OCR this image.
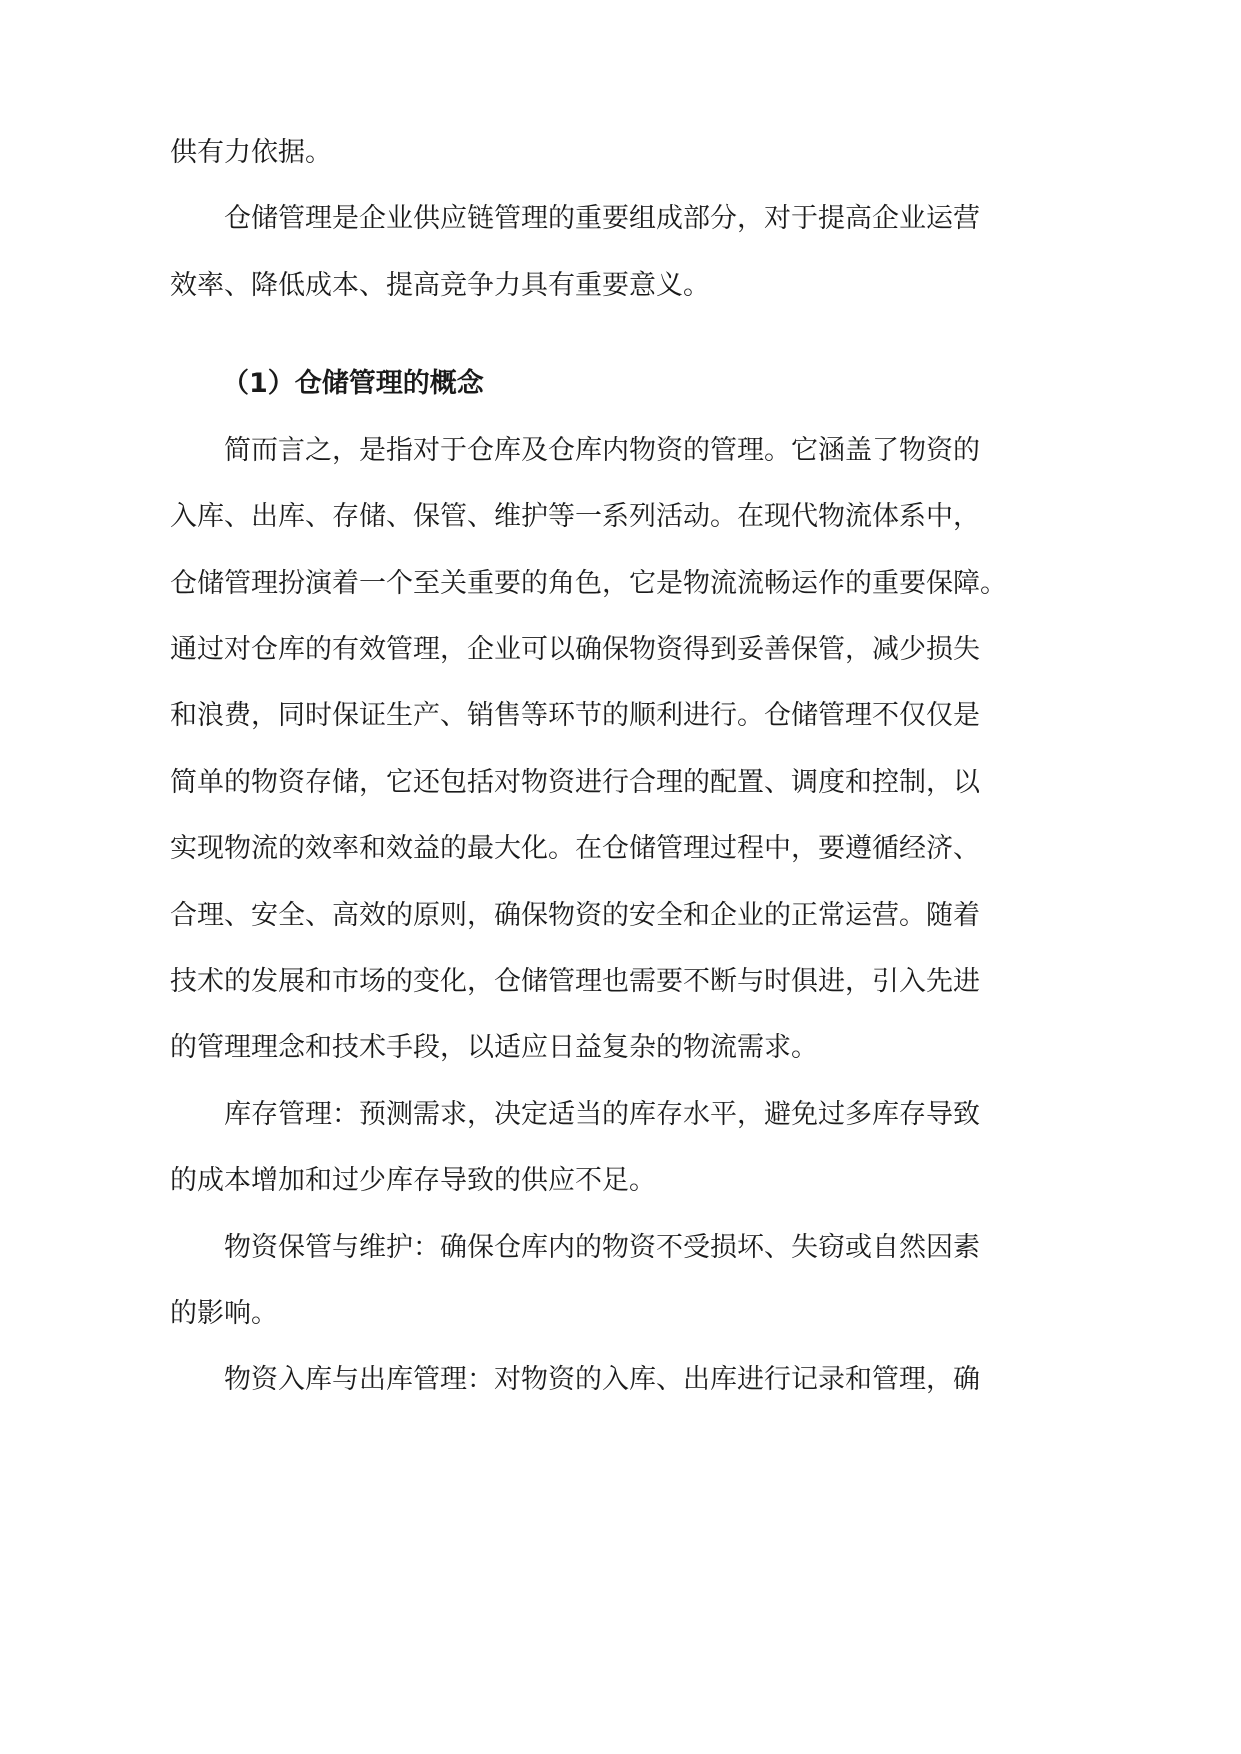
供有力依据。
仓储管理是企业供应链管理的重要组成部分，对于提高企业运营
效率、降低成本、提高竞争力具有重要意义。
（1）仓储管理的概念
简而言之，是指对于仓库及仓库内物资的管理。它涵盖了物资的
入库、出库、存储、保管、维护等一系列活动。在现代物流体系中，
仓储管理扮演着一个至关重要的角色，它是物流流畅运作的重要保障。
通过对仓库的有效管理，企业可以确保物资得到妥善保管，减少损失
和浪费，同时保证生产、销售等环节的顺利进行。仓储管理不仅仅是
简单的物资存储，它还包括对物资进行合理的配置、调度和控制，以
实现物流的效率和效益的最大化。在仓储管理过程中，要遵循经济、
合理、安全、高效的原则，确保物资的安全和企业的正常运营。随着
技术的发展和市场的变化，仓储管理也需要不断与时俱进，引入先进
的管理理念和技术手段，以适应日益复杂的物流需求。
库存管理：预测需求，决定适当的库存水平，避免过多库存导致
的成本增加和过少库存导致的供应不足。
物资保管与维护：确保仓库内的物资不受损坏、失窃或自然因素
的影响。
物资入库与出库管理：对物资的入库、出库进行记录和管理，确
